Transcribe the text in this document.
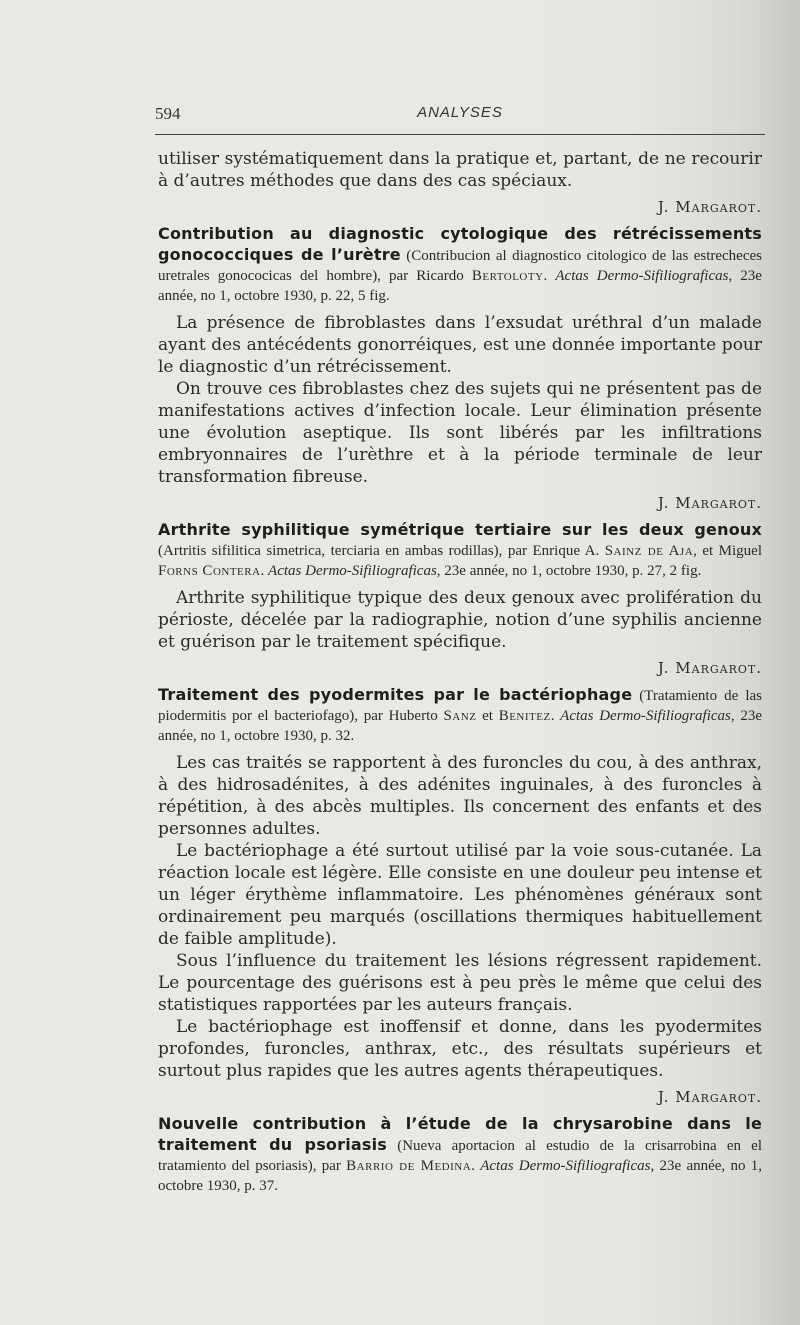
594	ANALYSES

utiliser systématiquement dans la pratique et, partant, de ne recourir à d’autres méthodes que dans des cas spéciaux.

J. Margarot.

Contribution au diagnostic cytologique des rétrécissements gonococciques de l’urètre (Contribucion al diagnostico citologico de las estrecheces uretrales gonococicas del hombre), par Ricardo Bertoloty. Actas Dermo-Sifiliograficas, 23e année, no 1, octobre 1930, p. 22, 5 fig.

La présence de fibroblastes dans l’exsudat uréthral d’un malade ayant des antécédents gonorréiques, est une donnée importante pour le diagnostic d’un rétrécissement.

On trouve ces fibroblastes chez des sujets qui ne présentent pas de manifestations actives d’infection locale. Leur élimination présente une évolution aseptique. Ils sont libérés par les infiltrations embryonnaires de l’urèthre et à la période terminale de leur transformation fibreuse.

J. Margarot.

Arthrite syphilitique symétrique tertiaire sur les deux genoux (Artritis sifilitica simetrica, terciaria en ambas rodillas), par Enrique A. Sainz de Aja, et Miguel Forns Contera. Actas Dermo-Sifiliograficas, 23e année, no 1, octobre 1930, p. 27, 2 fig.

Arthrite syphilitique typique des deux genoux avec prolifération du périoste, décelée par la radiographie, notion d’une syphilis ancienne et guérison par le traitement spécifique.

J. Margarot.

Traitement des pyodermites par le bactériophage (Tratamiento de las piodermitis por el bacteriofago), par Huberto Sanz et Benitez. Actas Dermo-Sifiliograficas, 23e année, no 1, octobre 1930, p. 32.

Les cas traités se rapportent à des furoncles du cou, à des anthrax, à des hidrosadénites, à des adénites inguinales, à des furoncles à répétition, à des abcès multiples. Ils concernent des enfants et des personnes adultes.

Le bactériophage a été surtout utilisé par la voie sous-cutanée. La réaction locale est légère. Elle consiste en une douleur peu intense et un léger érythème inflammatoire. Les phénomènes généraux sont ordinairement peu marqués (oscillations thermiques habituellement de faible amplitude).

Sous l’influence du traitement les lésions régressent rapidement. Le pourcentage des guérisons est à peu près le même que celui des statistiques rapportées par les auteurs français.

Le bactériophage est inoffensif et donne, dans les pyodermites profondes, furoncles, anthrax, etc., des résultats supérieurs et surtout plus rapides que les autres agents thérapeutiques.

J. Margarot.

Nouvelle contribution à l’étude de la chrysarobine dans le traitement du psoriasis (Nueva aportacion al estudio de la crisarrobina en el tratamiento del psoriasis), par Barrio de Medina. Actas Dermo-Sifiliograficas, 23e année, no 1, octobre 1930, p. 37.
